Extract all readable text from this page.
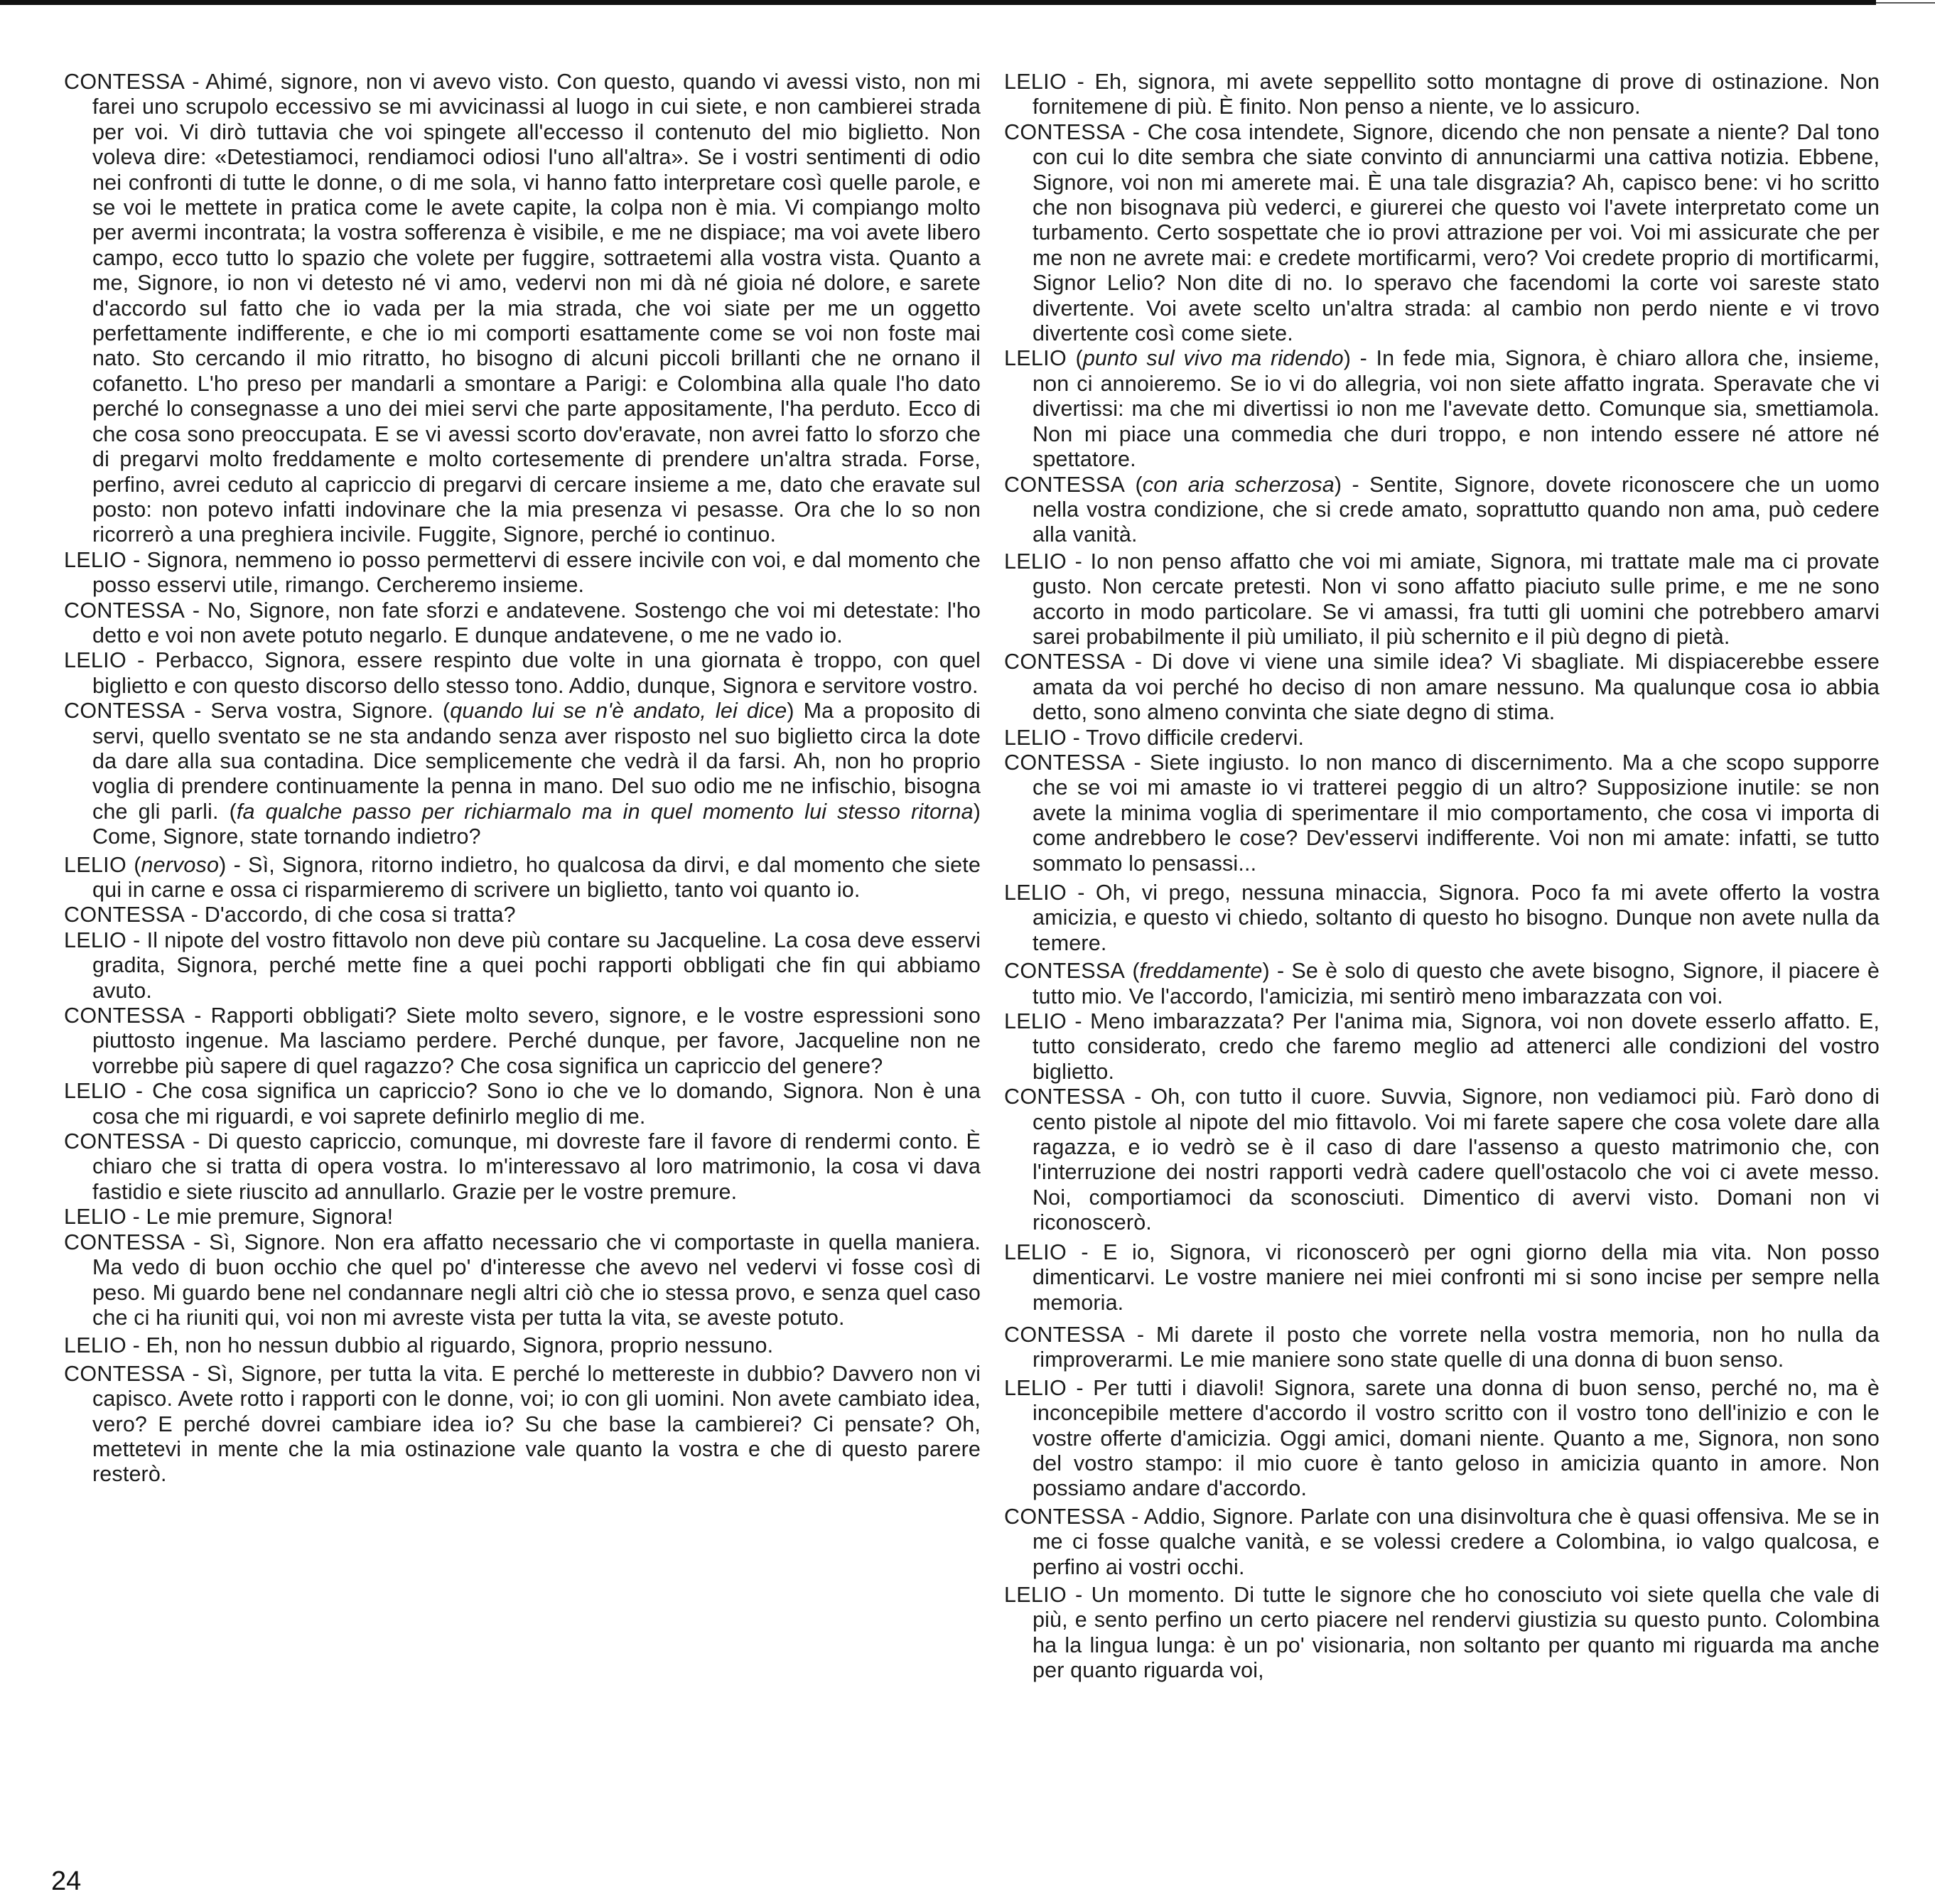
CONTESSA - Ahimé, signore, non vi avevo visto. Con questo, quando vi avessi visto, non mi farei uno scrupolo eccessivo se mi avvicinassi al luogo in cui siete, e non cambierei strada per voi. Vi dirò tuttavia che voi spingete all'eccesso il contenuto del mio biglietto. Non voleva dire: «Detestiamoci, rendiamoci odiosi l'uno all'altra». Se i vostri sentimenti di odio nei confronti di tutte le donne, o di me sola, vi hanno fatto interpretare così quelle parole, e se voi le mettete in pratica come le avete capite, la colpa non è mia. Vi compiango molto per avermi incontrata; la vostra sofferenza è visibile, e me ne dispiace; ma voi avete libero campo, ecco tutto lo spazio che volete per fuggire, sottraetemi alla vostra vista. Quanto a me, Signore, io non vi detesto né vi amo, vedervi non mi dà né gioia né dolore, e sarete d'accordo sul fatto che io vada per la mia strada, che voi siate per me un oggetto perfettamente indifferente, e che io mi comporti esattamente come se voi non foste mai nato. Sto cercando il mio ritratto, ho bisogno di alcuni piccoli brillanti che ne ornano il cofanetto. L'ho preso per mandarli a smontare a Parigi: e Colombina alla quale l'ho dato perché lo consegnasse a uno dei miei servi che parte appositamente, l'ha perduto. Ecco di che cosa sono preoccupata. E se vi avessi scorto dov'eravate, non avrei fatto lo sforzo che di pregarvi molto freddamente e molto cortesemente di prendere un'altra strada. Forse, perfino, avrei ceduto al capriccio di pregarvi di cercare insieme a me, dato che eravate sul posto: non potevo infatti indovinare che la mia presenza vi pesasse. Ora che lo so non ricorrerò a una preghiera incivile. Fuggite, Signore, perché io continuo.

LELIO - Signora, nemmeno io posso permettervi di essere incivile con voi, e dal momento che posso esservi utile, rimango. Cercheremo insieme.

CONTESSA - No, Signore, non fate sforzi e andatevene. Sostengo che voi mi detestate: l'ho detto e voi non avete potuto negarlo. E dunque andatevene, o me ne vado io.

LELIO - Perbacco, Signora, essere respinto due volte in una giornata è troppo, con quel biglietto e con questo discorso dello stesso tono. Addio, dunque, Signora e servitore vostro.

CONTESSA - Serva vostra, Signore. (quando lui se n'è andato, lei dice) Ma a proposito di servi, quello sventato se ne sta andando senza aver risposto nel suo biglietto circa la dote da dare alla sua contadina. Dice semplicemente che vedrà il da farsi. Ah, non ho proprio voglia di prendere continuamente la penna in mano. Del suo odio me ne infischio, bisogna che gli parli. (fa qualche passo per richiarmalo ma in quel momento lui stesso ritorna) Come, Signore, state tornando indietro?

LELIO (nervoso) - Sì, Signora, ritorno indietro, ho qualcosa da dirvi, e dal momento che siete qui in carne e ossa ci risparmieremo di scrivere un biglietto, tanto voi quanto io.

CONTESSA - D'accordo, di che cosa si tratta?

LELIO - Il nipote del vostro fittavolo non deve più contare su Jacqueline. La cosa deve esservi gradita, Signora, perché mette fine a quei pochi rapporti obbligati che fin qui abbiamo avuto.

CONTESSA - Rapporti obbligati? Siete molto severo, signore, e le vostre espressioni sono piuttosto ingenue. Ma lasciamo perdere. Perché dunque, per favore, Jacqueline non ne vorrebbe più sapere di quel ragazzo? Che cosa significa un capriccio del genere?

LELIO - Che cosa significa un capriccio? Sono io che ve lo domando, Signora. Non è una cosa che mi riguardi, e voi saprete definirlo meglio di me.

CONTESSA - Di questo capriccio, comunque, mi dovreste fare il favore di rendermi conto. È chiaro che si tratta di opera vostra. Io m'interessavo al loro matrimonio, la cosa vi dava fastidio e siete riuscito ad annullarlo. Grazie per le vostre premure.

LELIO - Le mie premure, Signora!

CONTESSA - Sì, Signore. Non era affatto necessario che vi comportaste in quella maniera. Ma vedo di buon occhio che quel po' d'interesse che avevo nel vedervi vi fosse così di peso. Mi guardo bene nel condannare negli altri ciò che io stessa provo, e senza quel caso che ci ha riuniti qui, voi non mi avreste vista per tutta la vita, se aveste potuto.

LELIO - Eh, non ho nessun dubbio al riguardo, Signora, proprio nessuno.

CONTESSA - Sì, Signore, per tutta la vita. E perché lo mettereste in dubbio? Davvero non vi capisco. Avete rotto i rapporti con le donne, voi; io con gli uomini. Non avete cambiato idea, vero? E perché dovrei cambiare idea io? Su che base la cambierei? Ci pensate? Oh, mettetevi in mente che la mia ostinazione vale quanto la vostra e che di questo parere resterò.

LELIO - Eh, signora, mi avete seppellito sotto montagne di prove di ostinazione. Non fornitemene di più. È finito. Non penso a niente, ve lo assicuro.

CONTESSA - Che cosa intendete, Signore, dicendo che non pensate a niente? Dal tono con cui lo dite sembra che siate convinto di annunciarmi una cattiva notizia. Ebbene, Signore, voi non mi amerete mai. È una tale disgrazia? Ah, capisco bene: vi ho scritto che non bisognava più vederci, e giurerei che questo voi l'avete interpretato come un turbamento. Certo sospettate che io provi attrazione per voi. Voi mi assicurate che per me non ne avrete mai: e credete mortificarmi, vero? Voi credete proprio di mortificarmi, Signor Lelio? Non dite di no. Io speravo che facendomi la corte voi sareste stato divertente. Voi avete scelto un'altra strada: al cambio non perdo niente e vi trovo divertente così come siete.

LELIO (punto sul vivo ma ridendo) - In fede mia, Signora, è chiaro allora che, insieme, non ci annoieremo. Se io vi do allegria, voi non siete affatto ingrata. Speravate che vi divertissi: ma che mi divertissi io non me l'avevate detto. Comunque sia, smettiamola. Non mi piace una commedia che duri troppo, e non intendo essere né attore né spettatore.

CONTESSA (con aria scherzosa) - Sentite, Signore, dovete riconoscere che un uomo nella vostra condizione, che si crede amato, soprattutto quando non ama, può cedere alla vanità.

LELIO - Io non penso affatto che voi mi amiate, Signora, mi trattate male ma ci provate gusto. Non cercate pretesti. Non vi sono affatto piaciuto sulle prime, e me ne sono accorto in modo particolare. Se vi amassi, fra tutti gli uomini che potrebbero amarvi sarei probabilmente il più umiliato, il più schernito e il più degno di pietà.

CONTESSA - Di dove vi viene una simile idea? Vi sbagliate. Mi dispiacerebbe essere amata da voi perché ho deciso di non amare nessuno. Ma qualunque cosa io abbia detto, sono almeno convinta che siate degno di stima.

LELIO - Trovo difficile credervi.

CONTESSA - Siete ingiusto. Io non manco di discernimento. Ma a che scopo supporre che se voi mi amaste io vi tratterei peggio di un altro? Supposizione inutile: se non avete la minima voglia di sperimentare il mio comportamento, che cosa vi importa di come andrebbero le cose? Dev'esservi indifferente. Voi non mi amate: infatti, se tutto sommato lo pensassi...

LELIO - Oh, vi prego, nessuna minaccia, Signora. Poco fa mi avete offerto la vostra amicizia, e questo vi chiedo, soltanto di questo ho bisogno. Dunque non avete nulla da temere.

CONTESSA (freddamente) - Se è solo di questo che avete bisogno, Signore, il piacere è tutto mio. Ve l'accordo, l'amicizia, mi sentirò meno imbarazzata con voi.

LELIO - Meno imbarazzata? Per l'anima mia, Signora, voi non dovete esserlo affatto. E, tutto considerato, credo che faremo meglio ad attenerci alle condizioni del vostro biglietto.

CONTESSA - Oh, con tutto il cuore. Suvvia, Signore, non vediamoci più. Farò dono di cento pistole al nipote del mio fittavolo. Voi mi farete sapere che cosa volete dare alla ragazza, e io vedrò se è il caso di dare l'assenso a questo matrimonio che, con l'interruzione dei nostri rapporti vedrà cadere quell'ostacolo che voi ci avete messo. Noi, comportiamoci da sconosciuti. Dimentico di avervi visto. Domani non vi riconoscerò.

LELIO - E io, Signora, vi riconoscerò per ogni giorno della mia vita. Non posso dimenticarvi. Le vostre maniere nei miei confronti mi si sono incise per sempre nella memoria.

CONTESSA - Mi darete il posto che vorrete nella vostra memoria, non ho nulla da rimproverarmi. Le mie maniere sono state quelle di una donna di buon senso.

LELIO - Per tutti i diavoli! Signora, sarete una donna di buon senso, perché no, ma è inconcepibile mettere d'accordo il vostro scritto con il vostro tono dell'inizio e con le vostre offerte d'amicizia. Oggi amici, domani niente. Quanto a me, Signora, non sono del vostro stampo: il mio cuore è tanto geloso in amicizia quanto in amore. Non possiamo andare d'accordo.

CONTESSA - Addio, Signore. Parlate con una disinvoltura che è quasi offensiva. Me se in me ci fosse qualche vanità, e se volessi credere a Colombina, io valgo qualcosa, e perfino ai vostri occhi.

LELIO - Un momento. Di tutte le signore che ho conosciuto voi siete quella che vale di più, e sento perfino un certo piacere nel rendervi giustizia su questo punto. Colombina ha la lingua lunga: è un po' visionaria, non soltanto per quanto mi riguarda ma anche per quanto riguarda voi,

24
